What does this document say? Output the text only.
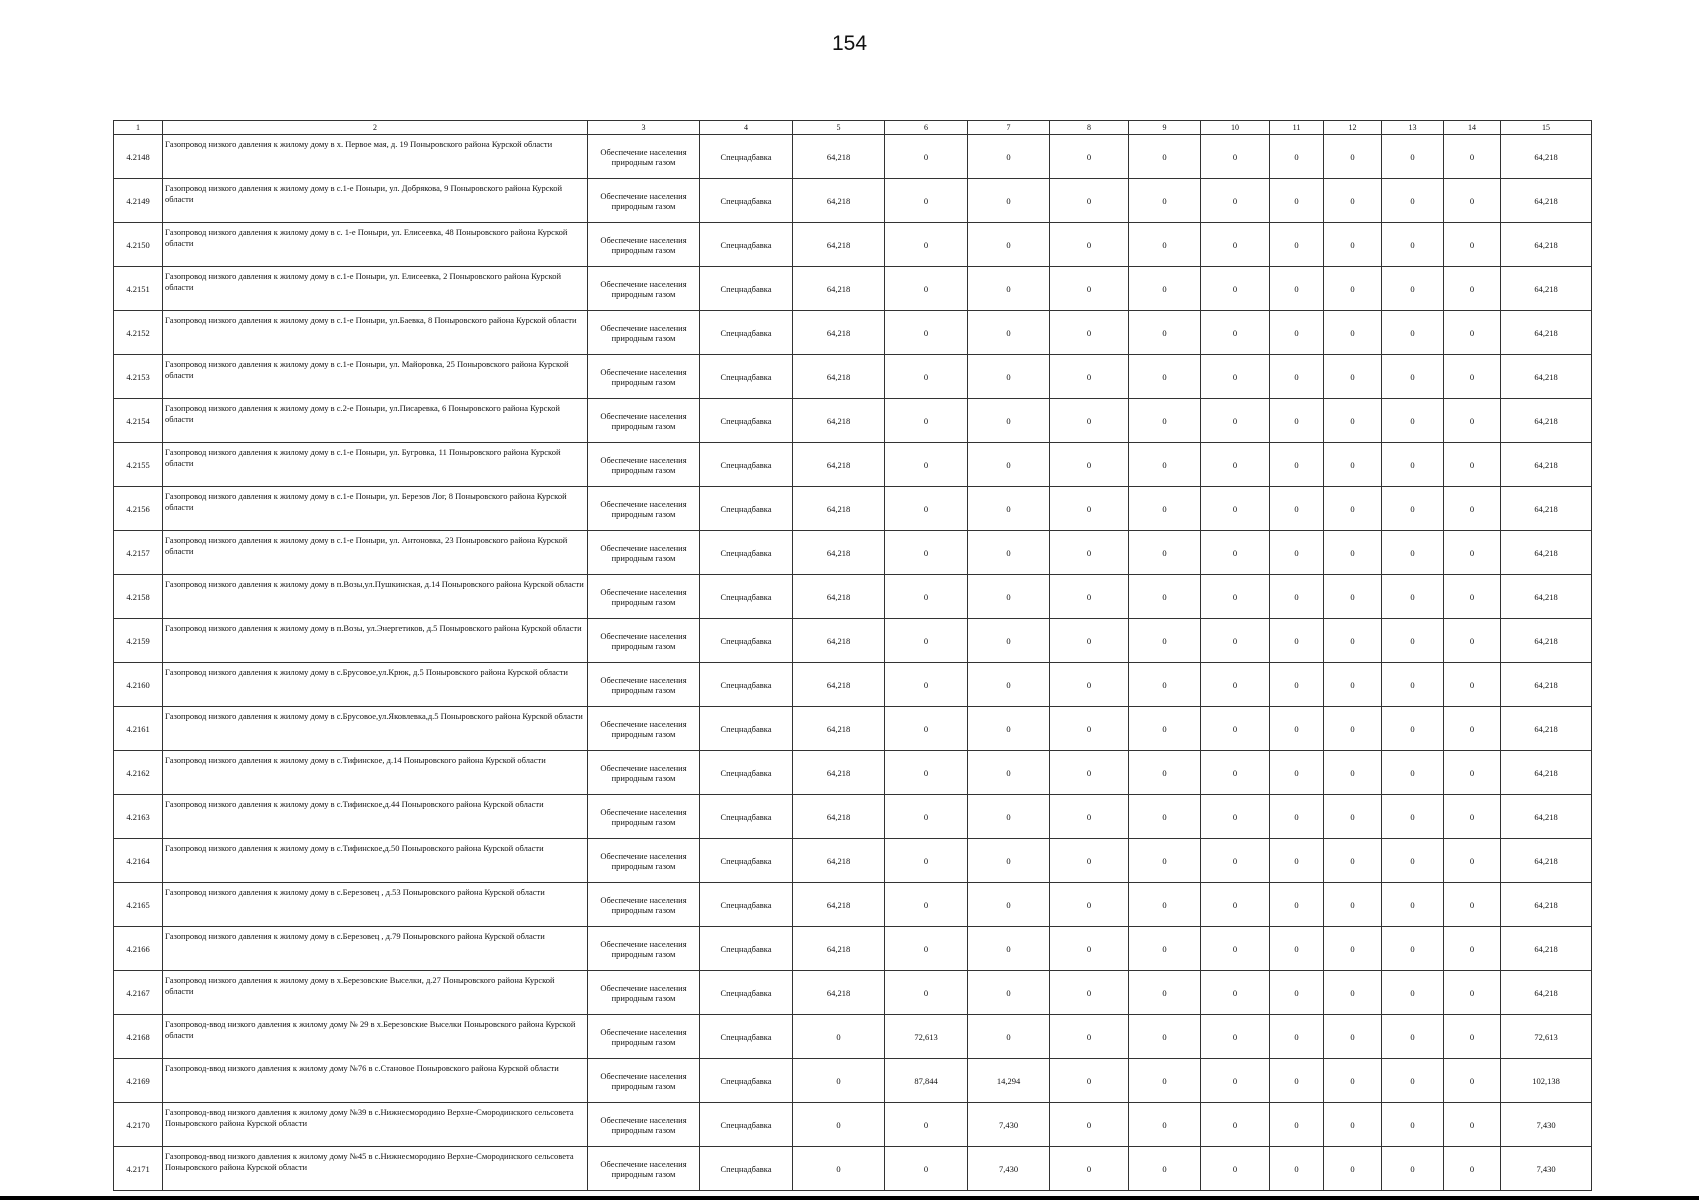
154
1	2	3	4	5	6	7	8	9	10	11	12	13	14	15
4.2148	Газопровод низкого давления к жилому дому в х. Первое мая, д. 19 Поныровского района Курской области	Обеспечение населения природным газом	Спецнадбавка	64,218	0	0	0	0	0	0	0	0	0	64,218
4.2149	Газопровод низкого давления к жилому дому в с.1-е Поныри, ул. Добрякова, 9 Поныровского района Курской области	Обеспечение населения природным газом	Спецнадбавка	64,218	0	0	0	0	0	0	0	0	0	64,218
4.2150	Газопровод низкого давления к жилому дому в с. 1-е Поныри, ул. Елисеевка, 48 Поныровского района Курской области	Обеспечение населения природным газом	Спецнадбавка	64,218	0	0	0	0	0	0	0	0	0	64,218
4.2151	Газопровод низкого давления к жилому дому в с.1-е Поныри, ул. Елисеевка, 2 Поныровского района Курской области	Обеспечение населения природным газом	Спецнадбавка	64,218	0	0	0	0	0	0	0	0	0	64,218
4.2152	Газопровод низкого давления к жилому дому в с.1-е Поныри, ул.Баевка, 8 Поныровского района Курской области	Обеспечение населения природным газом	Спецнадбавка	64,218	0	0	0	0	0	0	0	0	0	64,218
4.2153	Газопровод низкого давления к жилому дому в с.1-е Поныри, ул. Майоровка, 25 Поныровского района Курской области	Обеспечение населения природным газом	Спецнадбавка	64,218	0	0	0	0	0	0	0	0	0	64,218
4.2154	Газопровод низкого давления к жилому дому в с.2-е Поныри, ул.Писаревка, 6 Поныровского района Курской области	Обеспечение населения природным газом	Спецнадбавка	64,218	0	0	0	0	0	0	0	0	0	64,218
4.2155	Газопровод низкого давления к жилому дому в с.1-е Поныри, ул. Бугровка, 11 Поныровского района Курской области	Обеспечение населения природным газом	Спецнадбавка	64,218	0	0	0	0	0	0	0	0	0	64,218
4.2156	Газопровод низкого давления к жилому дому в с.1-е Поныри, ул. Березов Лог, 8 Поныровского района Курской области	Обеспечение населения природным газом	Спецнадбавка	64,218	0	0	0	0	0	0	0	0	0	64,218
4.2157	Газопровод низкого давления к жилому дому в с.1-е Поныри, ул. Антоновка, 23 Поныровского района Курской области	Обеспечение населения природным газом	Спецнадбавка	64,218	0	0	0	0	0	0	0	0	0	64,218
4.2158	Газопровод низкого давления к жилому дому в п.Возы,ул.Пушкинская, д.14 Поныровского района Курской области	Обеспечение населения природным газом	Спецнадбавка	64,218	0	0	0	0	0	0	0	0	0	64,218
4.2159	Газопровод низкого давления к жилому дому в п.Возы, ул.Энергетиков, д.5 Поныровского района Курской области	Обеспечение населения природным газом	Спецнадбавка	64,218	0	0	0	0	0	0	0	0	0	64,218
4.2160	Газопровод низкого давления к жилому дому в с.Брусовое,ул.Крюк, д.5 Поныровского района Курской области	Обеспечение населения природным газом	Спецнадбавка	64,218	0	0	0	0	0	0	0	0	0	64,218
4.2161	Газопровод низкого давления к жилому дому в с.Брусовое,ул.Яковлевка,д.5 Поныровского района Курской области	Обеспечение населения природным газом	Спецнадбавка	64,218	0	0	0	0	0	0	0	0	0	64,218
4.2162	Газопровод низкого давления к жилому дому в с.Тифинское, д.14 Поныровского района Курской области	Обеспечение населения природным газом	Спецнадбавка	64,218	0	0	0	0	0	0	0	0	0	64,218
4.2163	Газопровод низкого давления к жилому дому в с.Тифинское,д.44 Поныровского района Курской области	Обеспечение населения природным газом	Спецнадбавка	64,218	0	0	0	0	0	0	0	0	0	64,218
4.2164	Газопровод низкого давления к жилому дому в с.Тифинское,д.50 Поныровского района Курской области	Обеспечение населения природным газом	Спецнадбавка	64,218	0	0	0	0	0	0	0	0	0	64,218
4.2165	Газопровод низкого давления к жилому дому в с.Березовец , д.53 Поныровского района Курской области	Обеспечение населения природным газом	Спецнадбавка	64,218	0	0	0	0	0	0	0	0	0	64,218
4.2166	Газопровод низкого давления к жилому дому в с.Березовец , д.79 Поныровского района Курской области	Обеспечение населения природным газом	Спецнадбавка	64,218	0	0	0	0	0	0	0	0	0	64,218
4.2167	Газопровод низкого давления к жилому дому в х.Березовские Выселки, д.27 Поныровского района Курской области	Обеспечение населения природным газом	Спецнадбавка	64,218	0	0	0	0	0	0	0	0	0	64,218
4.2168	Газопровод-ввод низкого давления к жилому дому № 29 в х.Березовские Выселки Поныровского района Курской области	Обеспечение населения природным газом	Спецнадбавка	0	72,613	0	0	0	0	0	0	0	0	72,613
4.2169	Газопровод-ввод низкого давления к жилому дому №76 в с.Становое Поныровского района Курской области	Обеспечение населения природным газом	Спецнадбавка	0	87,844	14,294	0	0	0	0	0	0	0	102,138
4.2170	Газопровод-ввод низкого давления к жилому дому №39 в с.Нижнесмородино Верхне-Смородинского сельсовета Поныровского района Курской области	Обеспечение населения природным газом	Спецнадбавка	0	0	7,430	0	0	0	0	0	0	0	7,430
4.2171	Газопровод-ввод низкого давления к жилому дому №45 в с.Нижнесмородино Верхне-Смородинского сельсовета Поныровского района Курской области	Обеспечение населения природным газом	Спецнадбавка	0	0	7,430	0	0	0	0	0	0	0	7,430
